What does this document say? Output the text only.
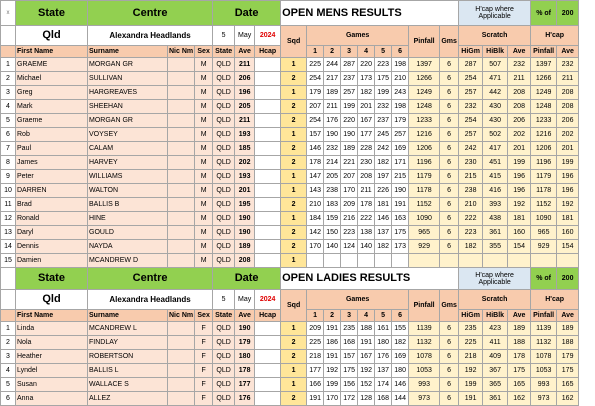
x	State	Centre			Date			OPEN MENS RESULTS									H'cap where Applicable			% of	200
	Qld	Alexandra Headlands			5	May	2024	Sqd	Games						Pinfall	Gms	Scratch			H'cap	
	First Name	Surname	Nic Nm	Sex	State	Ave	Hcap		1	2	3	4	5	6			HiGm	HiBlk	Ave	Pinfall	Ave
1	GRAEME	MORGAN GR		M	QLD	211		1	225	244	287	220	223	198	1397	6	287	507	232	1397	232
2	Michael	SULLIVAN		M	QLD	206		2	254	217	237	173	175	210	1266	6	254	471	211	1266	211
3	Greg	HARGREAVES		M	QLD	196		1	179	189	257	182	199	243	1249	6	257	442	208	1249	208
4	Mark	SHEEHAN		M	QLD	205		2	207	211	199	201	232	198	1248	6	232	430	208	1248	208
5	Graeme	MORGAN GR		M	QLD	211		2	254	176	220	167	237	179	1233	6	254	430	206	1233	206
6	Rob	VOYSEY		M	QLD	193		1	157	190	190	177	245	257	1216	6	257	502	202	1216	202
7	Paul	CALAM		M	QLD	185		2	146	232	189	228	242	169	1206	6	242	417	201	1206	201
8	James	HARVEY		M	QLD	202		2	178	214	221	230	182	171	1196	6	230	451	199	1196	199
9	Peter	WILLIAMS		M	QLD	193		1	147	205	207	208	197	215	1179	6	215	415	196	1179	196
10	DARREN	WALTON		M	QLD	201		1	143	238	170	211	226	190	1178	6	238	416	196	1178	196
11	Brad	BALLIS B		M	QLD	195		2	210	183	209	178	181	191	1152	6	210	393	192	1152	192
12	Ronald	HINE		M	QLD	190		1	184	159	216	222	146	163	1090	6	222	438	181	1090	181
13	Daryl	GOULD		M	QLD	190		2	142	150	223	138	137	175	965	6	223	361	160	965	160
14	Dennis	NAYDA		M	QLD	189		2	170	140	124	140	182	173	929	6	182	355	154	929	154
15	Damien	MCANDREW D		M	QLD	208		1													
	State	Centre			Date			OPEN LADIES RESULTS									H'cap where Applicable			% of	200
	Qld	Alexandra Headlands			5	May	2024	Sqd	Games						Pinfall	Gms	Scratch			H'cap	
	First Name	Surname	Nic Nm	Sex	State	Ave	Hcap		1	2	3	4	5	6			HiGm	HiBlk	Ave	Pinfall	Ave
1	Linda	MCANDREW L		F	QLD	190		1	209	191	235	188	161	155	1139	6	235	423	189	1139	189
2	Nola	FINDLAY		F	QLD	179		2	225	186	168	191	180	182	1132	6	225	411	188	1132	188
3	Heather	ROBERTSON		F	QLD	180		2	218	191	157	167	176	169	1078	6	218	409	178	1078	179
4	Lyndel	BALLIS L		F	QLD	178		1	177	192	175	192	137	180	1053	6	192	367	175	1053	175
5	Susan	WALLACE S		F	QLD	177		1	166	199	156	152	174	146	993	6	199	365	165	993	165
6	Anna	ALLEZ		F	QLD	176		2	191	170	172	128	168	144	973	6	191	361	162	973	162
